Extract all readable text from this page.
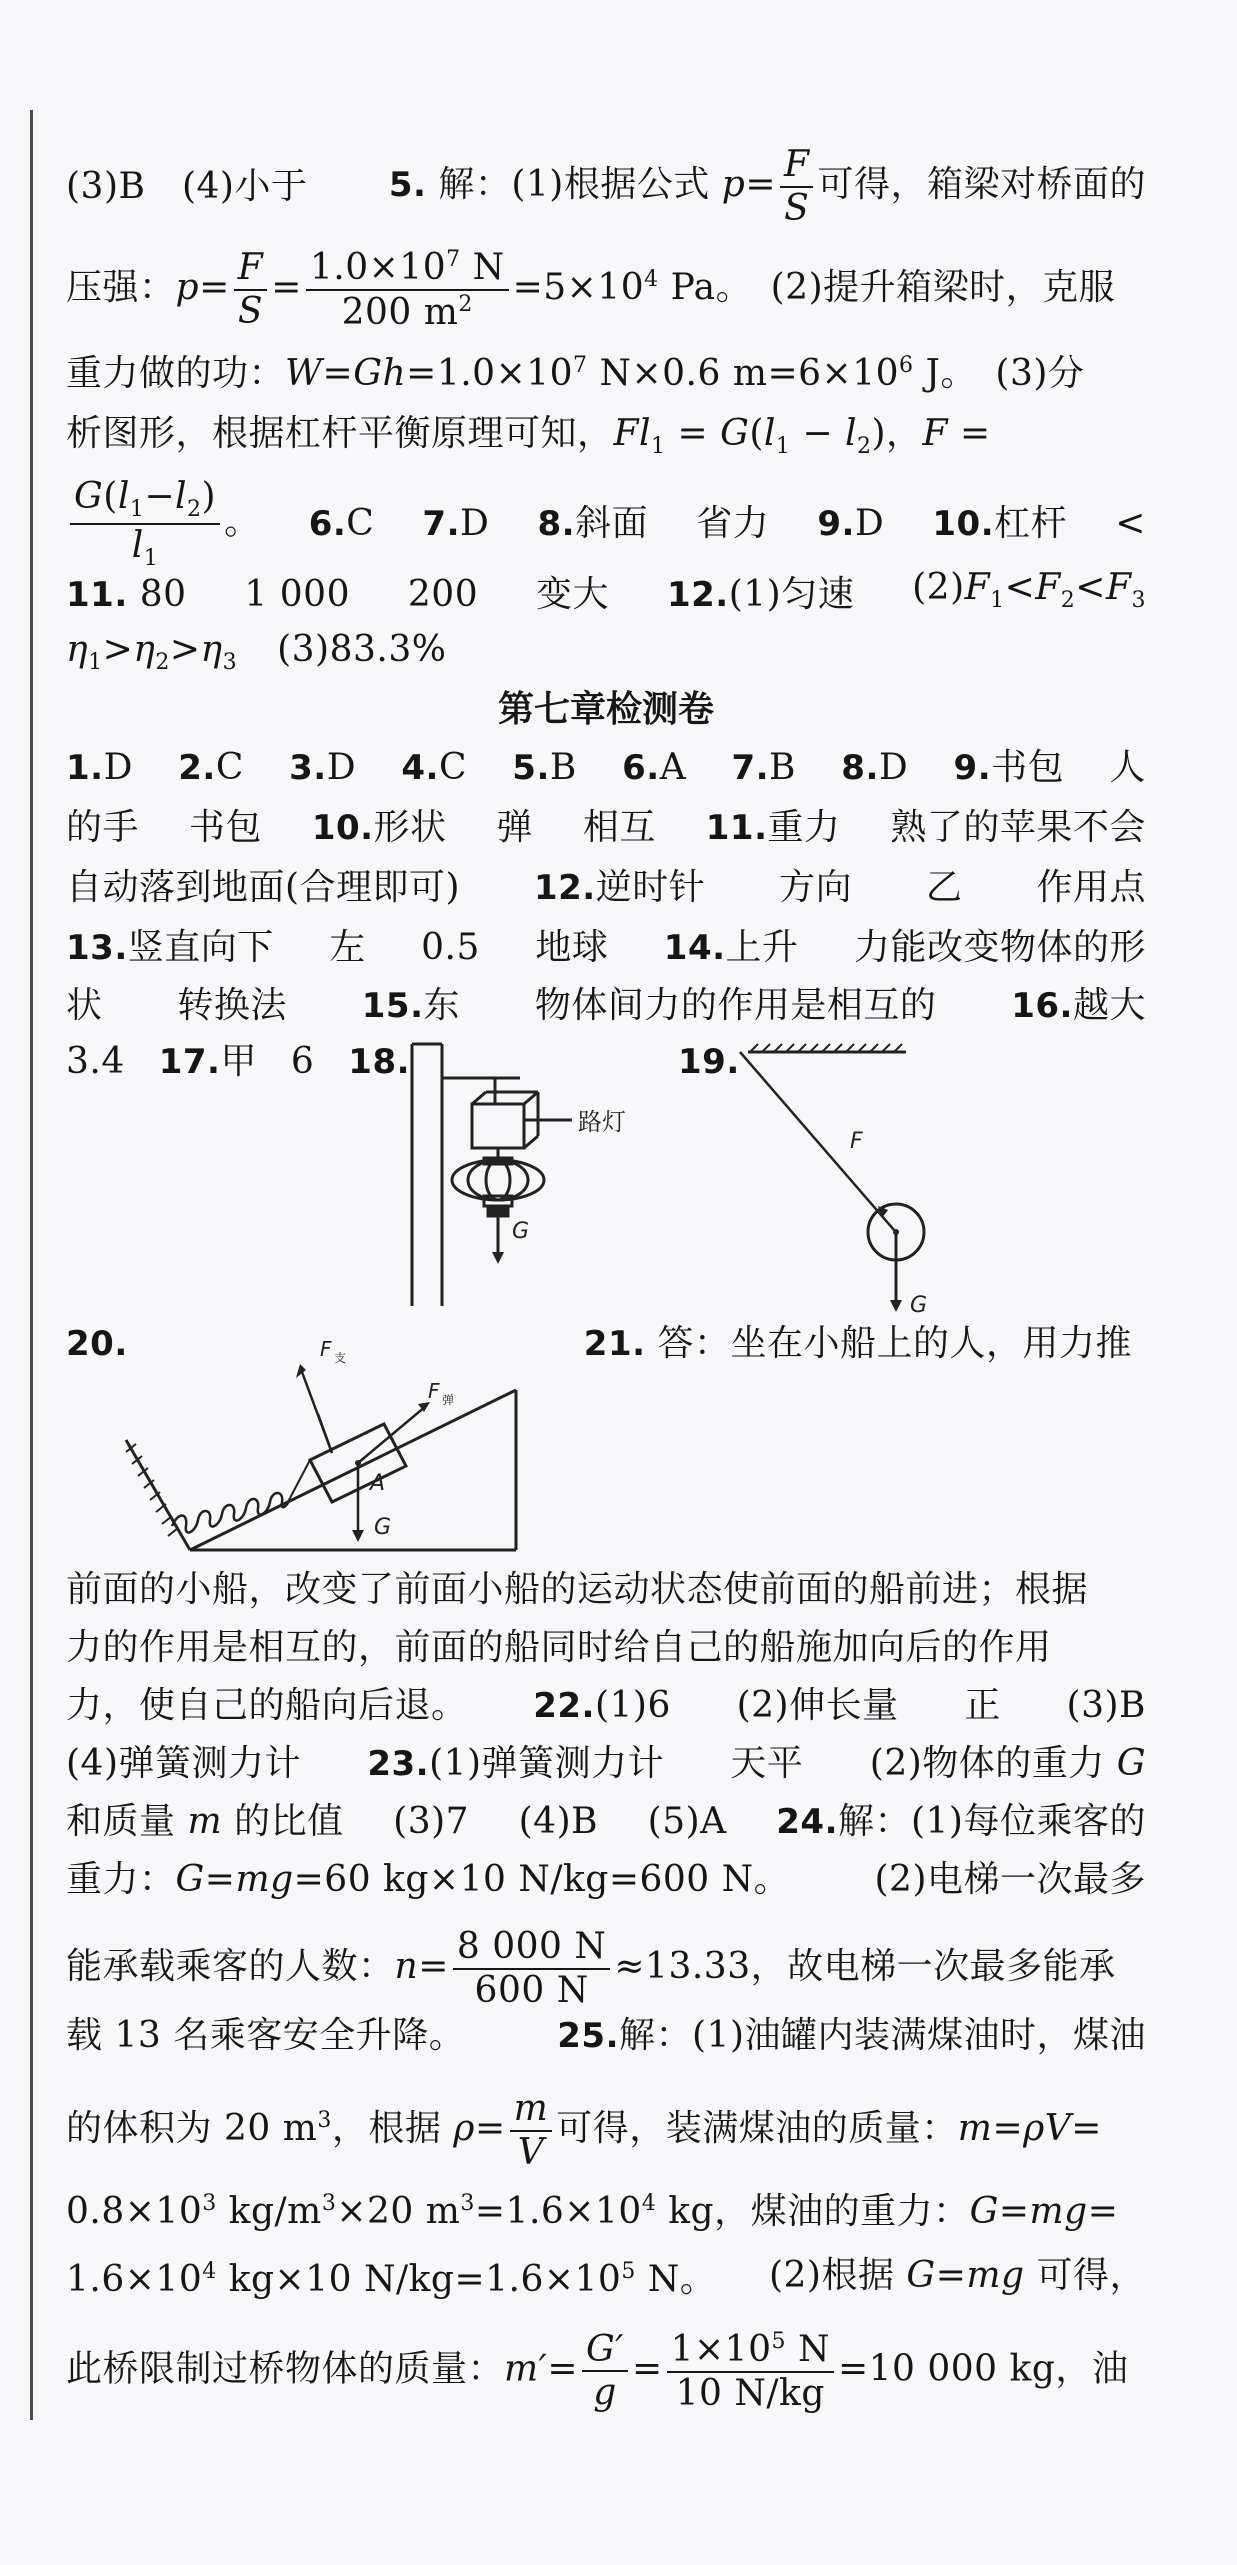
(3)B　(4)小于　 5. 解：(1)根据公式 $p= \frac{F}{S}$ 可得，箱梁对桥面的
压强：$p= \frac{F}{S} = \frac{1.0\times 10^7 N}{200 m^2} =5\times 10^4$ Pa。　(2)提升箱梁时，克服
重力做的功：$W=Gh=1.0\times 10^7$ N×0.6 $m=6\times 10^6$ J。　(3)分
析图形，根据杠杆平衡原理可知，$Fl_1 = G(l_1 - l_2)$，F =
$\frac{G(l_1-l_2)}{l_1}$ 。 6.C 7.D 8.斜面 省力 9.D 10.杠杆 <
11. 80 1 000 200 变大 12.(1)匀速 $(2)F_1<F_2<F_3$
$\eta_1>\eta_2>\eta_3$ (3)83.3%
第七章检测卷
1.D 2.C 3.D 4.C 5.B 6.A 7.B 8.D 9.书包 人
的手 书包 10.形状 弹 相互 11.重力 熟了的苹果不会
自动落到地面(合理即可) 12.逆时针 方向 乙 作用点
13.竖直向下 左 0.5 地球 14.上升 力能改变物体的形
状 转换法 15.东 物体间力的作用是相互的 16.越大
3.4 17.甲 6 18.	19.
路灯
G
F
G
20.	F 支
F 弹
A
G
21. 答：坐在小船上的人，用力推
前面的小船，改变了前面小船的运动状态使前面的船前进；根据
力的作用是相互的，前面的船同时给自己的船施加向后的作用
力，使自己的船向后退。 22.(1)6 (2)伸长量 正 (3)B
(4)弹簧测力计 23.(1)弹簧测力计 天平 (2)物体的重力 G
和质量 m 的比值 (3)7 (4)B (5)A 24.解：(1)每位乘客的
重力：G=mg=60 kg×10 N/kg=600 N。 (2)电梯一次最多
能承载乘客的人数：$n= \frac{8 000 N}{600 N} \approx 13.33$，故电梯一次最多能承
载 13 名乘客安全升降。	25.解：(1)油罐内装满煤油时，煤油
的体积为 20 $m^3$，根据 $\rho= \frac{m}{V}$ 可得，装满煤油的质量：m=ρV=
$0.8\times 10^3$ $kg/m^3\times 20$ $m^3=1.6\times 10^4$ kg，煤油的重力：G=mg=
$1.6\times 10^4$ kg×10 $N/kg=1.6\times 10^5$ N。 (2)根据 G=mg 可得，
此桥限制过桥物体的质量：$m'= \frac{G'}{g} = \frac{1\times 10^5 N}{10 N/kg} =10$ 000 kg，油
